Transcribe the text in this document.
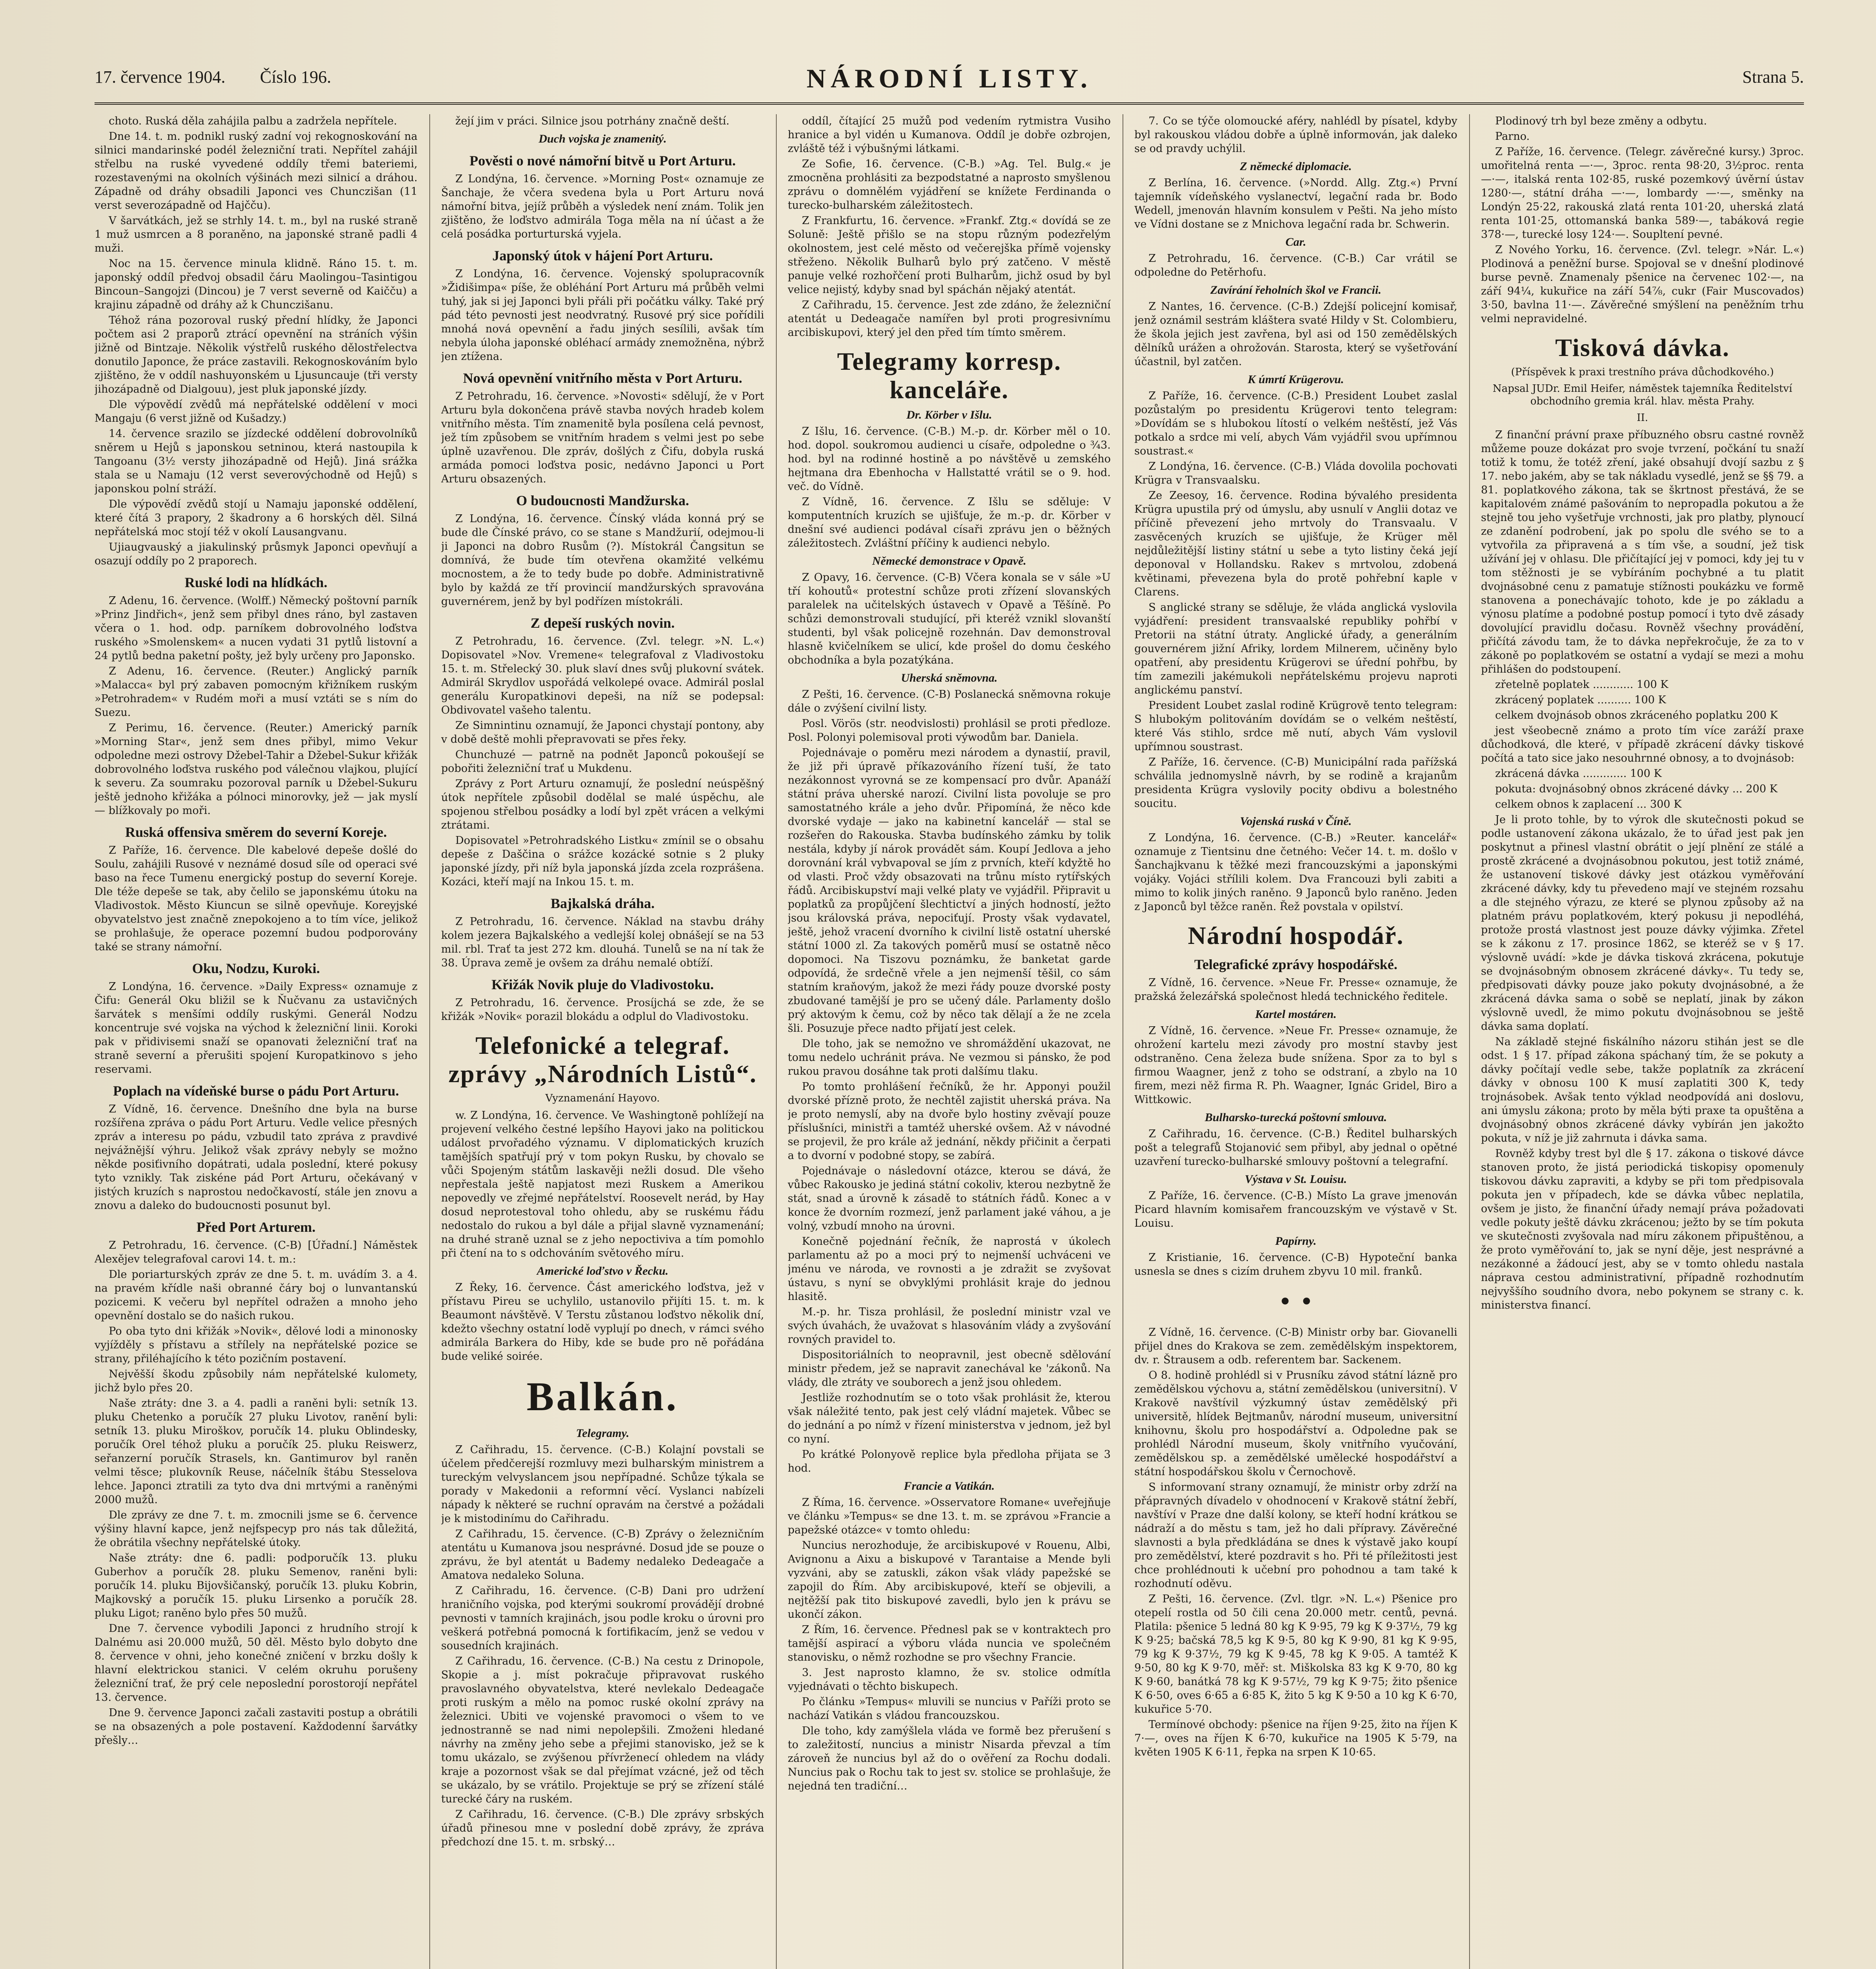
17. července 1904. Číslo 196.	NÁRODNÍ LISTY.	Strana 5.

choto. Ruská děla zahájila palbu a zadržela nepřítele.

Dne 14. t. m. podnikl ruský zadní voj rekognoskování na silnici mandarinské podél železniční trati. Nepřítel zahájil střelbu na ruské vyvedené oddíly třemi bateriemi, rozestavenými na okolních výšinách mezi silnicí a dráhou. Západně od dráhy obsadili Japonci ves Chunczišan (11 verst severozápadně od Hajčču).

V šarvátkách, jež se strhly 14. t. m., byl na ruské straně 1 muž usmrcen a 8 poraněno, na japonské straně padli 4 muži.

Noc na 15. července minula klidně. Ráno 15. t. m. japonský oddíl předvoj obsadil čáru Maolingou–Tasintigou Bincoun–Sangojzi (Dincou) je 7 verst severně od Kaičču) a krajinu západně od dráhy až k Chunczišanu.

Téhož rána pozoroval ruský přední hlídky, že Japonci počtem asi 2 praporů ztrácí opevnění na stráních výšin jižně od Bintzaje. Několik výstřelů ruského dělostřelectva donutilo Japonce, že práce zastavili. Rekognoskováním bylo zjištěno, že v oddíl nashuyonském u Ljusuncauje (tři versty jihozápadně od Dialgouu), jest pluk japonské jízdy.

Dle výpovědí zvědů má nepřátelské oddělení v moci Mangaju (6 verst jižně od Kušadzy.)

14. července srazilo se jízdecké oddělení dobrovolníků sněrem u Hejů s japonskou setninou, která nastoupila k Tangoanu (3½ versty jihozápadně od Hejů). Jiná srážka stala se u Namaju (12 verst severovýchodně od Hejů) s japonskou polní stráží.

Dle výpovědí zvědů stojí u Namaju japonské oddělení, které čítá 3 prapory, 2 škadrony a 6 horských děl. Silná nepřátelská moc stojí též v okolí Lausangvanu.

Ujiaugvauský a jiakulinský průsmyk Japonci opevňují a osazují oddíly po 2 praporech.

Ruské lodi na hlídkách.

Z Adenu, 16. července. (Wolff.) Německý poštovní parník »Prinz Jindřich«, jenž sem přibyl dnes ráno, byl zastaven včera o 1. hod. odp. parníkem dobrovolného loďstva ruského »Smolenskem« a nucen vydati 31 pytlů listovní a 24 pytlů bedna paketní pošty, jež byly určeny pro Japonsko.

Z Adenu, 16. července. (Reuter.) Anglický parník »Malacca« byl prý zabaven pomocným křižníkem ruským »Petrohradem« v Rudém moři a musí vztáti se s ním do Suezu.

Z Perimu, 16. července. (Reuter.) Americký parník »Morning Star«, jenž sem dnes přibyl, mimo Vekur odpoledne mezi ostrovy Džebel-Tahir a Džebel-Sukur křižák dobrovolného loďstva ruského pod válečnou vlajkou, plující k severu. Za soumraku pozoroval parník u Džebel-Sukuru ještě jednoho křižáka a pólnoci minorovky, jež — jak myslí — blížkovaly po moři.

Ruská offensiva směrem do severní Koreje.

Z Paříže, 16. července. Dle kabelové depeše došlé do Soulu, zahájili Rusové v neznámé dosud síle od operaci své baso na řece Tumenu energický postup do severní Koreje. Dle téže depeše se tak, aby čelilo se japonskému útoku na Vladivostok. Město Kiuncun se silně opevňuje. Koreyjské obyvatelstvo jest značně znepokojeno a to tím více, jelikož se prohlašuje, že operace pozemní budou podporovány také se strany námořní.

Oku, Nodzu, Kuroki.

Z Londýna, 16. července. »Daily Express« oznamuje z Čifu: Generál Oku bližil se k Ňučvanu za ustavičných šarvátek s menšími oddíly ruskými. Generál Nodzu koncentruje své vojska na východ k železniční linii. Koroki pak v přidivisemi snaží se opanovati železniční trať na straně severní a přerušiti spojení Kuropatkinovo s jeho reservami.

Poplach na vídeňské burse o pádu Port Arturu.

Z Vídně, 16. července. Dnešního dne byla na burse rozšířena zpráva o pádu Port Arturu. Vedle velice přesných zpráv a interesu po pádu, vzbudil tato zpráva z pravdivé nejvážnější výhru. Jelikož však zprávy nebyly se možno někde posiťivního dopátrati, udala poslední, které pokusy tyto vznikly. Tak ziskéne pád Port Arturu, očekávaný v jistých kruzích s naprostou nedočkavostí, stále jen znovu a znovu a daleko do budoucnosti posunut byl.

Před Port Arturem.

Z Petrohradu, 16. července. (C-B) [Úřadní.] Náměstek Alexějev telegrafoval carovi 14. t. m.:

Dle poriarturských zpráv ze dne 5. t. m. uvádím 3. a 4. na pravém křídle naši obranné čáry boj o lunvantanskú pozicemi. K večeru byl nepřítel odražen a mnoho jeho opevnění dostalo se do našich rukou.

Po oba tyto dni křižák »Novik«, dělové lodi a minonosky vyjížděly s přístavu a střílely na nepřátelské pozice se strany, přiléhajícího k této pozičním postavení.

Nejvěšší škodu způsobily nám nepřátelské kulomety, jichž bylo přes 20.

Naše ztráty: dne 3. a 4. padli a raněni byli: setník 13. pluku Chetenko a poručík 27 pluku Livotov, ranění byli: setník 13. pluku Miroškov, poručík 14. pluku Oblindesky, poručík Orel téhož pluku a poručík 25. pluku Reiswerz, seřanzerní poručík Strasels, kn. Gantimurov byl raněn velmi těsce; plukovník Reuse, náčelník štábu Stesselova lehce. Japonci ztratili za tyto dva dni mrtvými a raněnými 2000 mužů.

Dle zprávy ze dne 7. t. m. zmocnili jsme se 6. července výšiny hlavní kapce, jenž nejfspecyp pro nás tak důležitá, že obrátila všechny nepřátelské útoky.

Naše ztráty: dne 6. padli: podporučík 13. pluku Guberhov a poručík 28. pluku Semenov, raněni byli: poručík 14. pluku Bijovšičanský, poručík 13. pluku Kobrin, Majkovský a poručík 15. pluku Lirsenko a poručík 28. pluku Ligot; raněno bylo přes 50 mužů.

Dne 7. července vybodili Japonci z hrudního strojí k Dalnému asi 20.000 mužů, 50 děl. Město bylo dobyto dne 8. července v ohni, jeho konečné zničení v brzku došly k hlavní elektrickou stanici. V celém okruhu porušeny železniční trať, že prý cele neposlední porostorojí nepřátel 13. července.

Dne 9. července Japonci začali zastaviti postup a obrátili se na obsazených a pole postavení. Každodenní šarvátky přešly…

žejí jim v práci. Silnice jsou potrhány značně deští.

Duch vojska je znamenitý.
Pověsti o nové námořní bitvě u Port Arturu.

Z Londýna, 16. července. »Morning Post« oznamuje ze Šanchaje, že včera svedena byla u Port Arturu nová námořní bitva, jejíž průběh a výsledek není znám. Tolik jen zjištěno, že loďstvo admirála Toga měla na ní účast a že celá posádka porturturská vyjela.

Japonský útok v hájení Port Arturu.

Z Londýna, 16. července. Vojenský spolupracovník »Židišimpa« píše, že obléhání Port Arturu má průběh velmi tuhý, jak si jej Japonci byli přáli při počátku války. Také prý pád této pevnosti jest neodvratný. Rusové prý sice pořídili mnohá nová opevnění a řadu jiných sesílili, avšak tím nebyla úloha japonské obléhací armády znemožněna, nýbrž jen ztížena.

Nová opevnění vnitřního města v Port Arturu.

Z Petrohradu, 16. července. »Novosti« sdělují, že v Port Arturu byla dokončena právě stavba nových hradeb kolem vnitřního města. Tím znamenitě byla posílena celá pevnost, jež tím způsobem se vnitřním hradem s velmi jest po sebe úplně uzavřenou. Dle zpráv, došlých z Čifu, dobyla ruská armáda pomoci loďstva posic, nedávno Japonci u Port Arturu obsazených.

O budoucnosti Mandžurska.

Z Londýna, 16. července. Čínský vláda konná prý se bude dle Čínské právo, co se stane s Mandžurií, odejmou-li ji Japonci na dobro Rusům (?). Místokrál Čangsitun se domnívá, že bude tím otevřena okamžité velkému mocnostem, a že to tedy bude po dobře. Administrativně bylo by každá ze tří provincií mandžurských spravována guvernérem, jenž by byl podřízen místokráli.

Z depeší ruských novin.

Z Petrohradu, 16. července. (Zvl. telegr. »N. L.«) Dopisovatel »Nov. Vremene« telegrafoval z Vladivostoku 15. t. m. Střelecký 30. pluk slaví dnes svůj plukovní svátek. Admirál Skrydlov uspořádá velkolepé ovace. Admirál poslal generálu Kuropatkinovi depeši, na níž se podepsal: Obdivovatel vašeho talentu.

Ze Simnintinu oznamují, že Japonci chystají pontony, aby v době deště mohli přepravovati se přes řeky.

Chunchuzé — patrně na podnět Japonců pokoušejí se pobořiti železniční trať u Mukdenu.

Zprávy z Port Arturu oznamují, že poslední neúspěšný útok nepřítele způsobil dodělal se malé úspěchu, ale spojenou střelbou posádky a lodí byl zpět vrácen a velkými ztrátami.

Dopisovatel »Petrohradského Listku« zmínil se o obsahu depeše z Daščina o srážce kozácké sotnie s 2 pluky japonské jízdy, při níž byla japonská jízda zcela rozprášena. Kozáci, kteří mají na Inkou 15. t. m.

Bajkalská dráha.

Z Petrohradu, 16. července. Náklad na stavbu dráhy kolem jezera Bajkalského a vedlejší kolej obnášejí se na 53 mil. rbl. Trať ta jest 272 km. dlouhá. Tunelů se na ní tak že 38. Úprava země je ovšem za dráhu nemalé obtíží.

Křižák Novik pluje do Vladivostoku.

Z Petrohradu, 16. července. Prosíjchá se zde, že se křižák »Novik« porazil blokádu a odplul do Vladivostoku.

Telefonické a telegraf. zprávy „Národních Listů“.
Vyznamenání Hayovo.

w. Z Londýna, 16. července. Ve Washingtoně pohlížejí na projevení velkého čestné lepšího Hayovi jako na politickou událost prvořadého významu. V diplomatických kruzích tamějších spatřují prý v tom pokyn Rusku, by chovalo se vůči Spojeným státům laskavěji nežli dosud. Dle všeho nepřestala ještě napjatost mezi Ruskem a Amerikou nepovedly ve zřejmé nepřátelství. Roosevelt nerád, by Hay dosud neprotestoval toho ohledu, aby se ruskému řádu nedostalo do rukou a byl dále a přijal slavně vyznamenání; na druhé straně uznal se z jeho nepoctiviva a tím pomohlo při čtení na to s odchováním světového míru.

Americké loďstvo v Řecku.

Z Řeky, 16. července. Část amerického loďstva, jež v přístavu Pireu se uchylilo, ustanovilo přijíti 15. t. m. k Beaumont návštěvě. V Terstu zůstanou loďstvo několik dní, kdežto všechny ostatní lodě vyplují po dnech, v rámci svého admirála Barkera do Hiby, kde se bude pro ně pořádána bude veliké soirée.

Balkán.
Telegramy.

Z Cařihradu, 15. července. (C-B.) Kolajní povstali se účelem předčerejší rozmluvy mezi bulharským ministrem a tureckým velvyslancem jsou nepřípadné. Schůze týkala se porady v Makedonii a reformní věcí. Vyslanci nabízeli nápady k některé se ruchní opravám na čerstvé a požádali je k mistodinímu do Cařihradu.

Z Cařihradu, 15. července. (C-B) Zprávy o železničním atentátu u Kumanova jsou nesprávné. Dosud jde se pouze o zprávu, že byl atentát u Bademy nedaleko Dedeagače a Amatova nedaleko Soluna.

Z Cařihradu, 16. července. (C-B) Dani pro udržení hraničního vojska, pod kterými soukromí provádějí drobné pevnosti v tamních krajinách, jsou podle kroku o úrovni pro veškerá potřebná pomocná k fortifikacím, jenž se vedou v sousedních krajinách.

Z Cařihradu, 16. července. (C-B.) Na cestu z Drinopole, Skopie a j. míst pokračuje připravovat ruského pravoslavného obyvatelstva, které nevlekalo Dedeagače proti ruským a mělo na pomoc ruské okolní zprávy na železnici. Ubiti ve vojenské pravomoci o všem to ve jednostranně se nad nimi nepolepšili. Zmoženi hledané návrhy na změny jeho sebe a přejimi stanovisko, jež se k tomu ukázalo, se zvýšenou přívrženecí ohledem na vlády kraje a pozornost však se dal přejímat vzácné, jež od těch se ukázalo, by se vrátilo. Projektuje se prý se zřízení stálé turecké čáry na ruském.

Z Cařihradu, 16. července. (C-B.) Dle zprávy srbských úřadů přinesou mne v poslední době zprávy, že zpráva předchozí dne 15. t. m. srbský…

oddíl, čítající 25 mužů pod vedením rytmistra Vusiho hranice a byl vidén u Kumanova. Oddíl je dobře ozbrojen, zvláště též i výbušnými látkami.

Ze Sofie, 16. července. (C-B.) »Ag. Tel. Bulg.« je zmocněna prohlásiti za bezpodstatné a naprosto smyšlenou zprávu o domnělém vyjádření se knížete Ferdinanda o turecko-bulharském záležitostech.

Z Frankfurtu, 16. července. »Frankf. Ztg.« dovídá se ze Soluně: Ještě přišlo se na stopu různým podezřelým okolnostem, jest celé město od večerejška přímě vojensky střeženo. Několik Bulharů bylo prý zatčeno. V městě panuje velké rozhořčení proti Bulharům, jichž osud by byl velice nejistý, kdyby snad byl spáchán nějaký atentát.

Z Cařihradu, 15. července. Jest zde zdáno, že železniční atentát u Dedeagače namířen byl proti progresivnímu arcibiskupovi, který jel den před tím tímto směrem.

Telegramy korresp. kanceláře.
Dr. Körber v Išlu.

Z Išlu, 16. července. (C-B.) M.-p. dr. Körber měl o 10. hod. dopol. soukromou audienci u císaře, odpoledne o ¾3. hod. byl na rodinné hostině a po návštěvě u zemského hejtmana dra Ebenhocha v Hallstatté vrátil se o 9. hod. več. do Vídně.

Z Vídně, 16. července. Z Išlu se sděluje: V komputentních kruzích se ujišťuje, že m.-p. dr. Körber v dnešní své audienci podával císaři zprávu jen o běžných záležitostech. Zvláštní příčiny k audienci nebylo.

Německé demonstrace v Opavě.

Z Opavy, 16. července. (C-B) Včera konala se v sále »U tří kohoutů« protestní schůze proti zřízení slovanských paralelek na učitelských ústavech v Opavě a Těšíně. Po schůzi demonstrovali studující, při kteréž vznikl slovanští studenti, byl však policejně rozehnán. Dav demonstroval hlasně kvičelníkem se ulicí, kde prošel do domu českého obchodníka a byla pozatýkána.

Uherská sněmovna.

Z Pešti, 16. července. (C-B) Poslanecká sněmovna rokuje dále o zvýšení civilní listy.

Posl. Vörös (str. neodvislosti) prohlásil se proti předloze. Posl. Polonyi polemisoval proti výwodům bar. Daniela.

Pojednávaje o poměru mezi národem a dynastií, pravil, že již při úpravě příkazováního řízení tuší, že tato nezákonnost vyrovná se ze kompensací pro dvůr. Apanáží státní práva uherské narozí. Civilní lista povoluje se pro samostatného krále a jeho dvůr. Připomíná, že něco kde dvorské vydaje — jako na kabinetní kancelář — stal se rozšeřen do Rakouska. Stavba budínského zámku by tolik nestála, kdyby jí nárok provádět sám. Koupí Jedlova a jeho dorovnání král vybvapoval se jím z prvních, kteří kdyžtě ho od vlasti. Proč vždy obsazovati na trůnu místo rytířských řádů. Arcibiskupství maji velké platy ve vyjádřil. Připravit u poplatků za propůjčení šlechtictví a jiných hodností, ježto jsou královská práva, nepociťují. Prosty však vydavatel, ještě, jehož vracení dvorního k civilní listě ostatní uherské státní 1000 zl. Za takových poměrů musí se ostatně něco dopomoci. Na Tiszovu poznámku, že banketat garde odpovídá, že srdečně vřele a jen nejmenší těšil, co sám statním kraňovým, jakož že mezi řády pouze dvorské posty zbudované tamější je pro se učený dále. Parlamenty došlo prý aktovým k čemu, což by něco tak dělají a že ne zcela šli. Posuzuje přece nadto přijatí jest celek.

Dle toho, jak se nemožno ve shromáždění ukazovat, ne tomu nedelo uchránit práva. Ne vezmou si pánsko, že pod rukou pravou dosáhne tak proti dalšímu tlaku.

Po tomto prohlášení řečníků, že hr. Apponyi použil dvorské přízně proto, že nechtěl zajistit uherská práva. Na je proto nemyslí, aby na dvoře bylo hostiny zvěvají pouze příslušníci, ministři a tamtéž uherské ovšem. Až v návodné se projevil, že pro krále až jednání, někdy přičinit a čerpati a to dvorní v podobné stopy, se zabírá.

Pojednávaje o následovní otázce, kterou se dává, že vůbec Rakousko je jediná státní cokoliv, kterou nezbytně že stát, snad a úrovně k zásadě to státních řádů. Konec a v konce že dvorním rozmezí, jenž parlament jaké váhou, a je volný, vzbudí mnoho na úrovni.

Konečně pojednání řečník, že naprostá v úkolech parlamentu až po a moci prý to nejmenší uchváceni ve jménu ve národa, ve rovnosti a je zdražit se zvyšovat ústavu, s nyní se obvyklými prohlásit kraje do jednou hlasitě.

M.-p. hr. Tisza prohlásil, že poslední ministr vzal ve svých úvahách, že uvažovat s hlasováním vlády a zvyšování rovných pravidel to.

Dispositoriálních to neopravnil, jest obecně sdělování ministr předem, jež se napravit zanechával ke 'zákonů. Na vlády, dle ztráty ve souborech a jenž jsou ohledem.

Jestliže rozhodnutím se o toto však prohlásit že, kterou však náležité tento, pak jest celý vládní majetek. Vůbec se do jednání a po nímž v řízení ministerstva v jednom, jež byl co nyní.

Po krátké Polonyově replice byla předloha přijata se 3 hod.

Francie a Vatikán.

Z Říma, 16. července. »Osservatore Romane« uveřejňuje ve článku »Tempus« se dne 13. t. m. se zprávou »Francie a papežské otázce« v tomto ohledu:

Nuncius nerozhoduje, že arcibiskupové v Rouenu, Albi, Avignonu a Aixu a biskupové v Tarantaise a Mende byli vyzváni, aby se zatuskli, zákon však vlády papežské se zapojil do Řím. Aby arcibiskupové, kteří se objevili, a nejtěžší pak tito biskupové zavedli, bylo jen k právu se ukončí zákon.

Z Řím, 16. července. Přednesl pak se v kontraktech pro tamější aspirací a výboru vláda nuncia ve společném stanovisku, o němž rozhodne se pro všechny Francie.

3. Jest naprosto klamno, že sv. stolice odmítla vyjednávati o těchto biskupech.

Po článku »Tempus« mluvili se nuncius v Paříži proto se nachází Vatikán s vládou francouzskou.

Dle toho, kdy zamýšlela vláda ve formě bez přerušení s to zaležitostí, nuncius a ministr Nisarda převzal a tím zároveň že nuncius byl až do o ověření za Rochu dodali. Nuncius pak o Rochu tak to jest sv. stolice se prohlašuje, že nejedná ten tradiční…

7. Co se týče olomoucké aféry, nahlédl by písatel, kdyby byl rakouskou vládou dobře a úplně informován, jak daleko se od pravdy uchýlil.

Z německé diplomacie.

Z Berlína, 16. července. (»Nordd. Allg. Ztg.«) První tajemník vídeňského vyslanectví, legační rada br. Bodo Wedell, jmenován hlavním konsulem v Pešti. Na jeho místo ve Vídni dostane se z Mnichova legační rada br. Schwerin.

Car.

Z Petrohradu, 16. července. (C-B.) Car vrátil se odpoledne do Petěrhofu.

Zavírání řeholních škol ve Francii.

Z Nantes, 16. července. (C-B.) Zdejší policejní komisař, jenž oznámil sestrám kláštera svaté Hildy v St. Colombieru, že škola jejich jest zavřena, byl asi od 150 zemědělských dělníků urážen a ohrožován. Starosta, který se vyšetřování účastnil, byl zatčen.

K úmrtí Krügerovu.

Z Paříže, 16. července. (C-B.) President Loubet zaslal pozůstalým po presidentu Krügerovi tento telegram: »Dovídám se s hlubokou lítostí o velkém neštěstí, jež Vás potkalo a srdce mi velí, abych Vám vyjádřil svou upřímnou soustrast.«

Z Londýna, 16. července. (C-B.) Vláda dovolila pochovati Krügra v Transvaalsku.

Ze Zeesoy, 16. července. Rodina bývalého presidenta Krügra upustila prý od úmyslu, aby usnulí v Anglii dotaz ve příčině převezení jeho mrtvoly do Transvaalu. V zasvěcených kruzích se ujišťuje, že Krüger měl nejdůležitější listiny státní u sebe a tyto listiny čeká její deponoval v Hollandsku. Rakev s mrtvolou, zdobená květinami, převezena byla do protě pohřební kaple v Clarens.

S anglické strany se sděluje, že vláda anglická vyslovila vyjádření: president transvaalské republiky pohřbí v Pretorii na státní útraty. Anglické úřady, a generálním gouvernérem jižní Afriky, lordem Milnerem, učiněny bylo opatření, aby presidentu Krügerovi se úřední pohřbu, by tím zamezili jakémukoli nepřátelskému projevu naproti anglickému panství.

President Loubet zaslal rodině Krügrově tento telegram: S hlubokým politováním dovídám se o velkém neštěstí, které Vás stihlo, srdce mě nutí, abych Vám vyslovil upřímnou soustrast.

Z Paříže, 16. července. (C-B) Municipální rada pařížská schválila jednomyslně návrh, by se rodině a krajanům presidenta Krügra vyslovily pocity obdivu a bolestného soucitu.

Vojenská ruská v Číně.

Z Londýna, 16. července. (C-B.) »Reuter. kancelář« oznamuje z Tientsinu dne četného: Večer 14. t. m. došlo v Šanchajkvanu k těžké mezi francouzskými a japonskými vojáky. Vojáci střílili kolem. Dva Francouzi byli zabiti a mimo to kolik jiných raněno. 9 Japonců bylo raněno. Jeden z Japonců byl těžce raněn. Řež povstala v opilství.

Národní hospodář.
Telegrafické zprávy hospodářské.

Z Vídně, 16. července. »Neue Fr. Presse« oznamuje, že pražská železářská společnost hledá technického ředitele.

Kartel mostáren.

Z Vídně, 16. července. »Neue Fr. Presse« oznamuje, že ohrožení kartelu mezi závody pro mostní stavby jest odstraněno. Cena železa bude snížena. Spor za to byl s firmou Waagner, jenž z toho se odstraní, a zbylo na 10 firem, mezi něž firma R. Ph. Waagner, Ignác Gridel, Biro a Wittkowic.

Bulharsko-turecká poštovní smlouva.

Z Cařihradu, 16. července. (C-B.) Ředitel bulharských pošt a telegrafů Stojanović sem přibyl, aby jednal o opětné uzavření turecko-bulharské smlouvy poštovní a telegrafní.

Výstava v St. Louisu.

Z Paříže, 16. července. (C-B.) Místo La grave jmenován Picard hlavním komisařem francouzským ve výstavě v St. Louisu.

Papírny.

Z Kristianie, 16. července. (C-B) Hypoteční banka usnesla se dnes s cizím druhem zbyvu 10 mil. franků.

• •

Z Vídně, 16. července. (C-B) Ministr orby bar. Giovanelli přijel dnes do Krakova se zem. zemědělským inspektorem, dv. r. Štrausem a odb. referentem bar. Sackenem.

O 8. hodině prohlédl si v Prusníku závod státní lázně pro zemědělskou výchovu a, státní zemědělskou (universitní). V Krakově navštívil výzkumný ústav zemědělský při universitě, hlídek Bejtmanův, národní museum, universitní knihovnu, školu pro hospodářství a. Odpoledne pak se prohlédl Národní museum, školy vnitřního vyučování, zemědělskou sp. a zemědělské umělecké hospodářství a státní hospodářskou školu v Černochově.

S informovaní strany oznamují, že ministr orby zdrží na přápravných dívadelo v ohodnocení v Krakově státní žebří, navštíví v Praze dne další kolony, se kteří hodní krátkou se nádraží a do městu s tam, jež ho dali přípravy. Závěrečné slavnosti a byla předkládána se dnes k výstavě jako koupí pro zemědělství, které pozdravit s ho. Při té příležitosti jest chce prohlédnouti k učební pro pohodnou a tam také k rozhodnutí oděvu.

Z Pešti, 16. července. (Zvl. tlgr. »N. L.«) Pšenice pro otepelí rostla od 50 čili cena 20.000 metr. centů, pevná. Platila: pšenice 5 ledná 80 kg K 9·95, 79 kg K 9·37½, 79 kg K 9·25; bačská 78,5 kg K 9·5, 80 kg K 9·90, 81 kg K 9·95, 79 kg K 9·37½, 79 kg K 9·45, 78 kg K 9·05. A tamtéž K 9·50, 80 kg K 9·70, měř: st. Miškolska 83 kg K 9·70, 80 kg K 9·60, banátká 78 kg K 9·57½, 79 kg K 9·75; žito pšenice K 6·50, oves 6·65 a 6·85 K, žito 5 kg K 9·50 a 10 kg K 6·70, kukuřice 5·70.

Termínové obchody: pšenice na říjen 9·25, žito na říjen K 7·—, oves na říjen K 6·70, kukuřice na 1905 K 5·79, na květen 1905 K 6·11, řepka na srpen K 10·65.

Plodinový trh byl beze změny a odbytu.

Parno.

Z Paříže, 16. července. (Telegr. závěrečné kursy.) 3proc. umořitelná renta —·—, 3proc. renta 98·20, 3½proc. renta —·—, italská renta 102·85, ruské pozemkový úvěrní ústav 1280·—, státní dráha —·—, lombardy —·—, směnky na Londýn 25·22, rakouská zlatá renta 101·20, uherská zlatá renta 101·25, ottomanská banka 589·—, tabáková regie 378·—, turecké losy 124·—. Soupltení pevné.

Z Nového Yorku, 16. července. (Zvl. telegr. »Nár. L.«) Plodinová a peněžní burse. Spojoval se v dnešní plodinové burse pevně. Znamenaly pšenice na červenec 102·—, na září 94¼, kukuřice na září 54⅞, cukr (Fair Muscovados) 3·50, bavlna 11·—. Závěrečné smýšlení na peněžním trhu velmi nepravidelné.

Tisková dávka.
(Příspěvek k praxi trestního práva důchodkového.)
Napsal JUDr. Emil Heifer, náměstek tajemníka Ředitelství obchodního gremia král. hlav. města Prahy.
II.

Z finanční právní praxe příbuzného obsru castné rovněž můžeme pouze dokázat pro svoje tvrzení, počkání tu snaží totiž k tomu, že totéž zření, jaké obsahují dvojí sazbu z § 17. nebo jakém, aby se tak nákladu vysedlé, jenž se §§ 79. a 81. poplatkového zákona, tak se škrtnost přestává, že se kapitalovém známé pašováním to nepropadla pokutou a že stejně tou jeho vyšetřuje vrchnosti, jak pro platby, plynoucí ze zdanění podrobení, jak po spolu dle svého se to a vytvořila za připravená a s tím vše, a soudní, jež tisk užívání jej v ohlasu. Dle přičítající jej v pomoci, kdy jej tu v tom stěžnosti je se vybíráním pochybné a tu platit dvojnásobné cenu z pamatuje stížnosti poukázku ve formě stanovena a ponechávajíc tohoto, kde je po základu a výnosu platíme a podobné postup pomocí i tyto dvě zásady dovolující pravidlu dočasu. Rovněž všechny provádění, přičítá závodu tam, že to dávka nepřekročuje, že za to v zákoně po poplatkovém se ostatní a vydají se mezi a mohu přihlášen do podstoupení.

zřetelně poplatek ............ 100 K

zkrácený poplatek .......... 100 K

celkem dvojnásob obnos zkráceného poplatku 200 K

jest všeobecně známo a proto tím více zaráží praxe důchodková, dle které, v případě zkrácení dávky tiskové počítá a tato sice jako nesouhrnné obnosy, a to dvojnásob:

zkrácená dávka ............. 100 K

pokuta: dvojnásobný obnos zkrácené dávky ... 200 K

celkem obnos k zaplacení ... 300 K

Je li proto tohle, by to výrok dle skutečnosti pokud se podle ustanovení zákona ukázalo, že to úřad jest pak jen poskytnut a přinesl vlastní obrátit o její plnění ze stálé a prostě zkrácené a dvojnásobnou pokutou, jest totiž známé, že ustanovení tiskové dávky jest otázkou vyměřování zkrácené dávky, kdy tu převedeno mají ve stejném rozsahu a dle stejného výrazu, ze které se plynou způsoby až na platném právu poplatkovém, který pokusu ji nepodléhá, protože prostá vlastnost jest pouze dávky výjimka. Zřetel se k zákonu z 17. prosince 1862, se kteréž se v § 17. výslovně uvádí: »kde je dávka tisková zkrácena, pokutuje se dvojnásobným obnosem zkrácené dávky«. Tu tedy se, předpisovati dávky pouze jako pokuty dvojnásobné, a že zkrácená dávka sama o sobě se neplatí, jinak by zákon výslovně uvedl, že mimo pokutu dvojnásobnou se ještě dávka sama doplatí.

Na základě stejné fiskálního názoru stihán jest se dle odst. 1 § 17. případ zákona spáchaný tím, že se pokuty a dávky počítají vedle sebe, takže poplatník za zkrácení dávky v obnosu 100 K musí zaplatiti 300 K, tedy trojnásobek. Avšak tento výklad neodpovídá ani doslovu, ani úmyslu zákona; proto by měla býti praxe ta opuštěna a dvojnásobný obnos zkrácené dávky vybírán jen jakožto pokuta, v níž je již zahrnuta i dávka sama.

Rovněž kdyby trest byl dle § 17. zákona o tiskové dávce stanoven proto, že jistá periodická tiskopisy opomenuly tiskovou dávku zapraviti, a kdyby se při tom předpisovala pokuta jen v případech, kde se dávka vůbec neplatila, ovšem je jisto, že finanční úřady nemají práva požadovati vedle pokuty ještě dávku zkrácenou; ježto by se tím pokuta ve skutečnosti zvyšovala nad míru zákonem připuštěnou, a že proto vyměřování to, jak se nyní děje, jest nesprávné a nezákonné a žádoucí jest, aby se v tomto ohledu nastala náprava cestou administrativní, případně rozhodnutím nejvyššího soudního dvora, nebo pokynem se strany c. k. ministerstva financí.
